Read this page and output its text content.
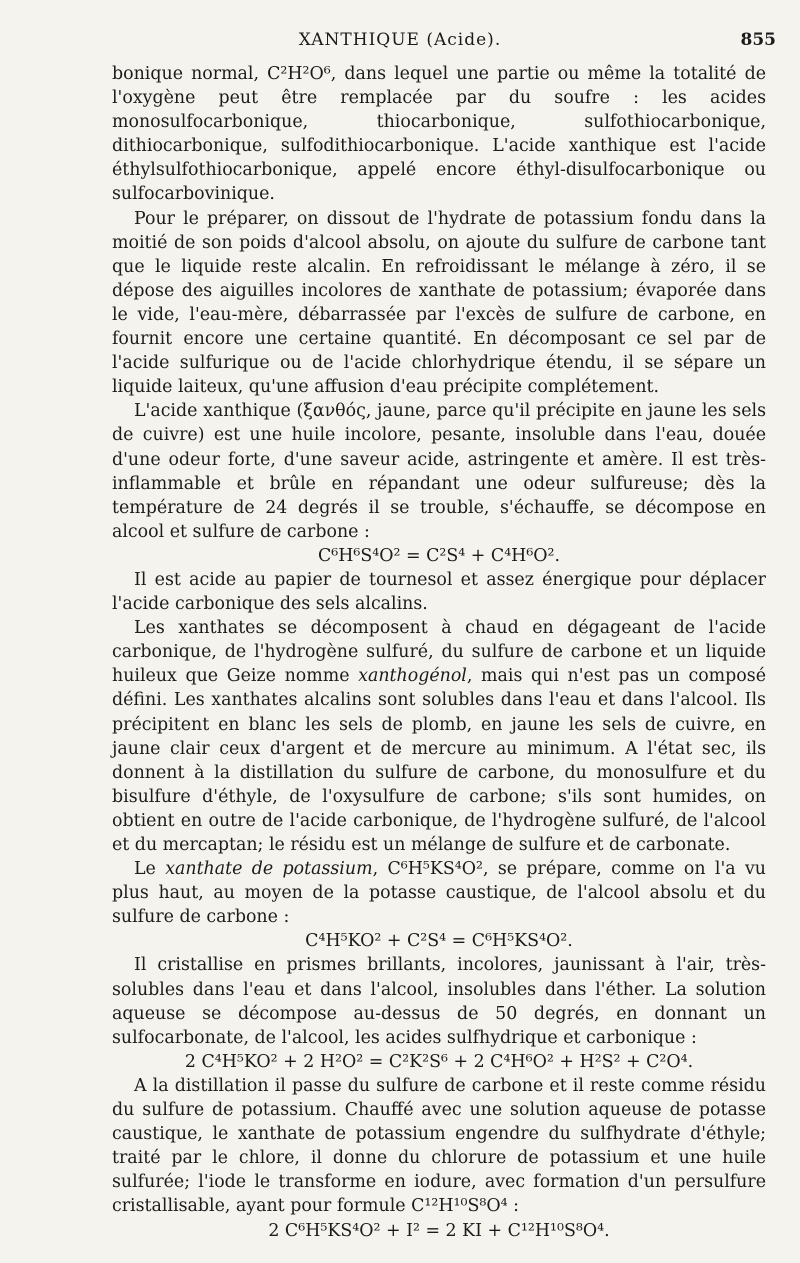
XANTHIQUE (Acide).	855

bonique normal, C²H²O⁶, dans lequel une partie ou même la totalité de l'oxygène peut être remplacée par du soufre : les acides monosulfocarbonique, thiocarbonique, sulfothiocarbonique, dithiocarbonique, sulfodithiocarbonique. L'acide xanthique est l'acide éthylsulfothiocarbonique, appelé encore éthyl-disulfocarbonique ou sulfocarbovinique.

Pour le préparer, on dissout de l'hydrate de potassium fondu dans la moitié de son poids d'alcool absolu, on ajoute du sulfure de carbone tant que le liquide reste alcalin. En refroidissant le mélange à zéro, il se dépose des aiguilles incolores de xanthate de potassium; évaporée dans le vide, l'eau-mère, débarrassée par l'excès de sulfure de carbone, en fournit encore une certaine quantité. En décomposant ce sel par de l'acide sulfurique ou de l'acide chlorhydrique étendu, il se sépare un liquide laiteux, qu'une affusion d'eau précipite complétement.

L'acide xanthique (ξανθός, jaune, parce qu'il précipite en jaune les sels de cuivre) est une huile incolore, pesante, insoluble dans l'eau, douée d'une odeur forte, d'une saveur acide, astringente et amère. Il est très-inflammable et brûle en répandant une odeur sulfureuse; dès la température de 24 degrés il se trouble, s'échauffe, se décompose en alcool et sulfure de carbone :

C⁶H⁶S⁴O² = C²S⁴ + C⁴H⁶O².

Il est acide au papier de tournesol et assez énergique pour déplacer l'acide carbonique des sels alcalins.

Les xanthates se décomposent à chaud en dégageant de l'acide carbonique, de l'hydrogène sulfuré, du sulfure de carbone et un liquide huileux que Geize nomme xanthogénol, mais qui n'est pas un composé défini. Les xanthates alcalins sont solubles dans l'eau et dans l'alcool. Ils précipitent en blanc les sels de plomb, en jaune les sels de cuivre, en jaune clair ceux d'argent et de mercure au minimum. A l'état sec, ils donnent à la distillation du sulfure de carbone, du monosulfure et du bisulfure d'éthyle, de l'oxysulfure de carbone; s'ils sont humides, on obtient en outre de l'acide carbonique, de l'hydrogène sulfuré, de l'alcool et du mercaptan; le résidu est un mélange de sulfure et de carbonate.

Le xanthate de potassium, C⁶H⁵KS⁴O², se prépare, comme on l'a vu plus haut, au moyen de la potasse caustique, de l'alcool absolu et du sulfure de carbone :

C⁴H⁵KO² + C²S⁴ = C⁶H⁵KS⁴O².

Il cristallise en prismes brillants, incolores, jaunissant à l'air, très-solubles dans l'eau et dans l'alcool, insolubles dans l'éther. La solution aqueuse se décompose au-dessus de 50 degrés, en donnant un sulfocarbonate, de l'alcool, les acides sulfhydrique et carbonique :

2 C⁴H⁵KO² + 2 H²O² = C²K²S⁶ + 2 C⁴H⁶O² + H²S² + C²O⁴.

A la distillation il passe du sulfure de carbone et il reste comme résidu du sulfure de potassium. Chauffé avec une solution aqueuse de potasse caustique, le xanthate de potassium engendre du sulfhydrate d'éthyle; traité par le chlore, il donne du chlorure de potassium et une huile sulfurée; l'iode le transforme en iodure, avec formation d'un persulfure cristallisable, ayant pour formule C¹²H¹⁰S⁸O⁴ :

2 C⁶H⁵KS⁴O² + I² = 2 KI + C¹²H¹⁰S⁸O⁴.
